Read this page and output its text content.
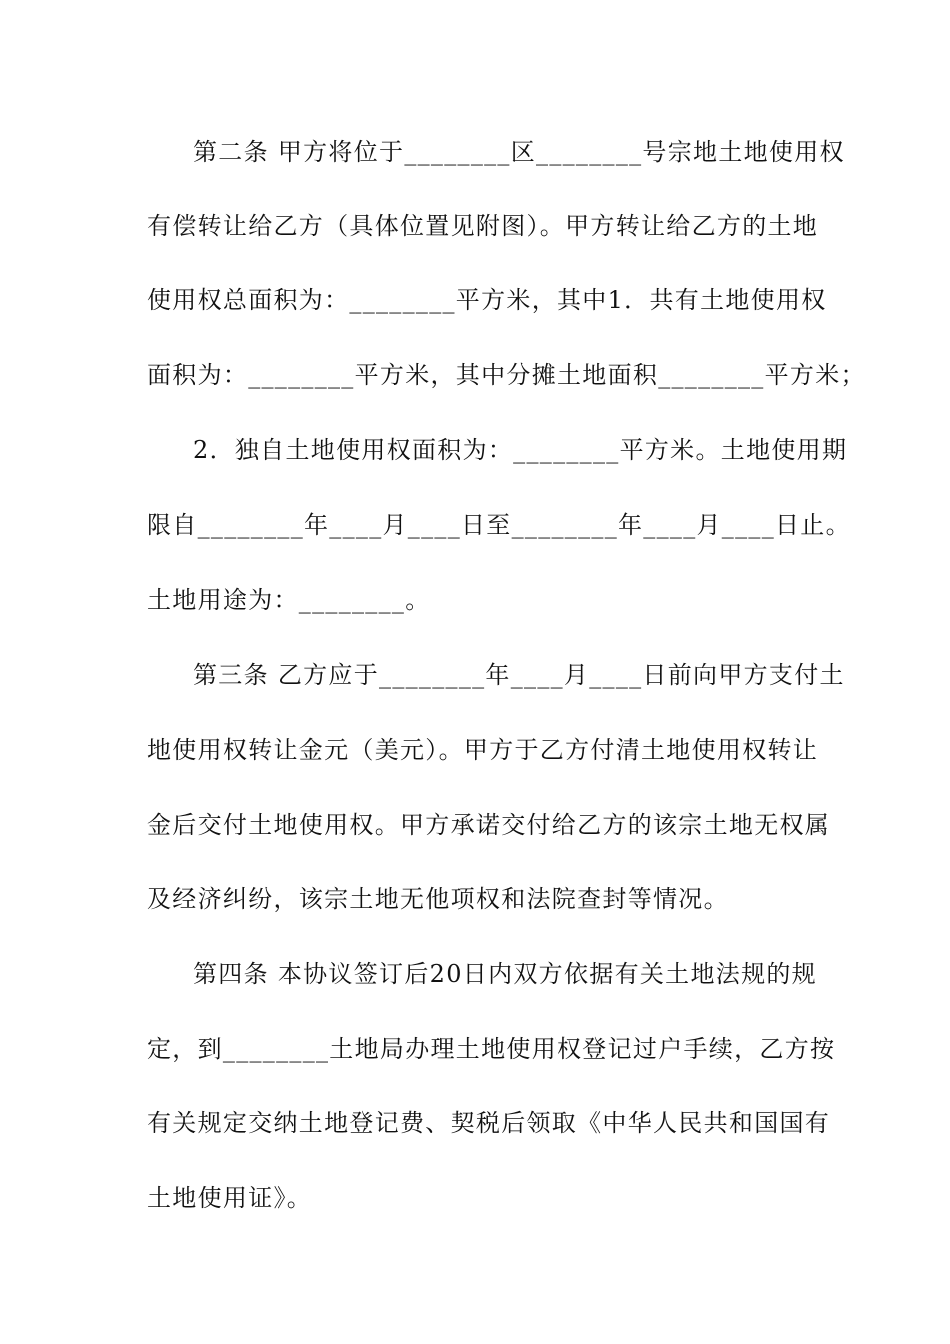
第二条 甲方将位于________区________号宗地土地使用权
有偿转让给乙方（具体位置见附图）。甲方转让给乙方的土地
使用权总面积为：________平方米，其中1．共有土地使用权
面积为：________平方米，其中分摊土地面积________平方米；
2．独自土地使用权面积为：________平方米。土地使用期
限自________年____月____日至________年____月____日止。
土地用途为：________。
第三条 乙方应于________年____月____日前向甲方支付土
地使用权转让金元（美元）。甲方于乙方付清土地使用权转让
金后交付土地使用权。甲方承诺交付给乙方的该宗土地无权属
及经济纠纷，该宗土地无他项权和法院查封等情况。
第四条 本协议签订后20日内双方依据有关土地法规的规
定，到________土地局办理土地使用权登记过户手续，乙方按
有关规定交纳土地登记费、契税后领取《中华人民共和国国有
土地使用证》。
